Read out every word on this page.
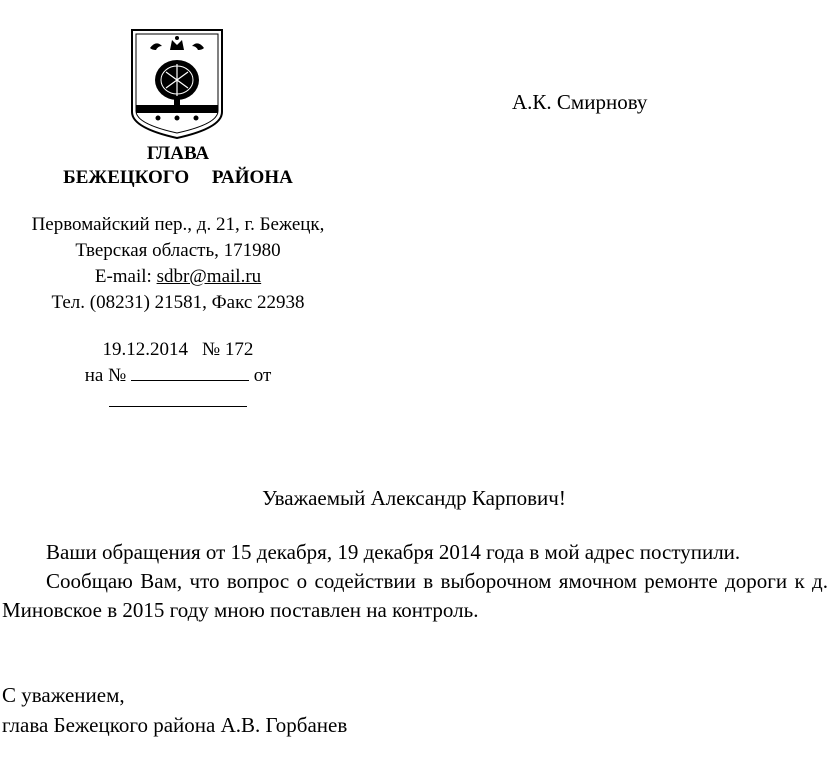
ГЛАВА
БЕЖЕЦКОГО РАЙОНА
Первомайский пер., д. 21, г. Бежецк,
Тверская область, 171980
E-mail: sdbr@mail.ru
Тел. (08231) 21581, Факс 22938
19.12.2014 № 172
на №	от
А.К. Смирнову
Уважаемый Александр Карпович!

Ваши обращения от 15 декабря, 19 декабря 2014 года в мой адрес поступили.

Сообщаю Вам, что вопрос о содействии в выборочном ямочном ремонте дороги к д. Миновское в 2015 году мною поставлен на контроль.

С уважением,
глава Бежецкого района А.В. Горбанев
